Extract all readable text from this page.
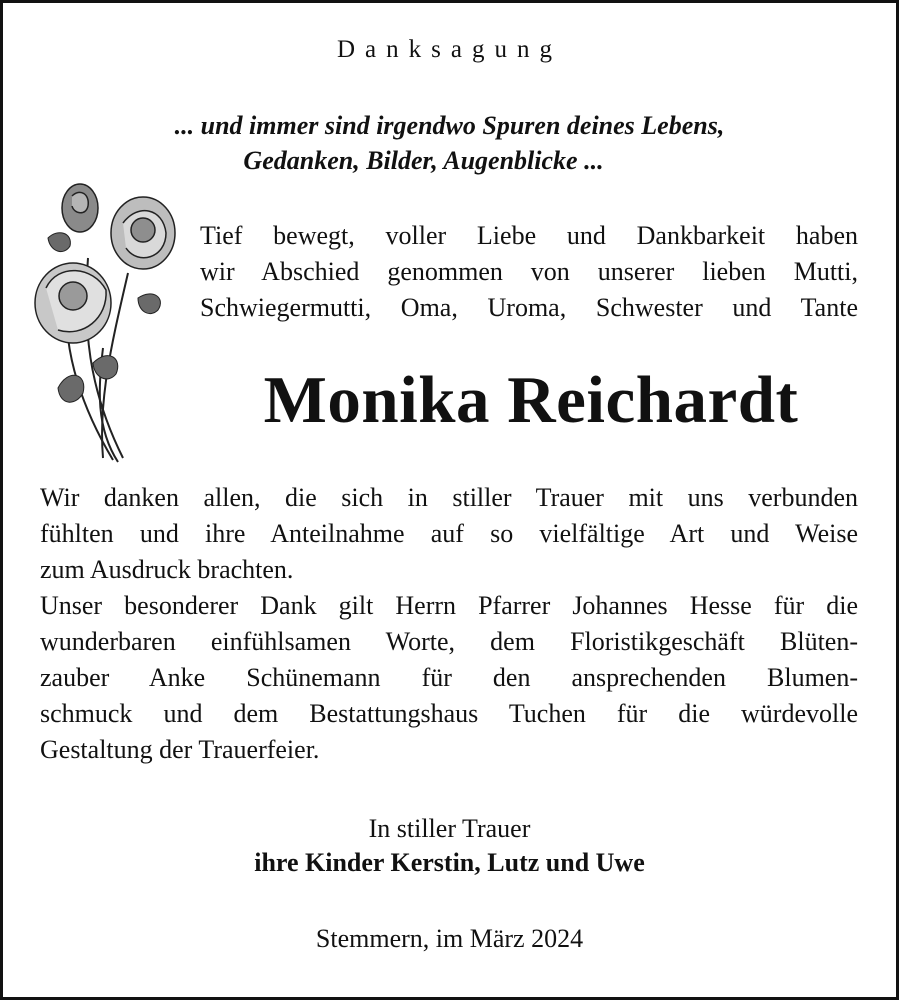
Danksagung
... und immer sind irgendwo Spuren deines Lebens,
Gedanken, Bilder, Augenblicke ...
Tief bewegt, voller Liebe und Dankbarkeit haben
wir Abschied genommen von unserer lieben Mutti,
Schwiegermutti, Oma, Uroma, Schwester und Tante
Monika Reichardt
Wir danken allen, die sich in stiller Trauer mit uns verbunden
fühlten und ihre Anteilnahme auf so vielfältige Art und Weise
zum Ausdruck brachten.
Unser besonderer Dank gilt Herrn Pfarrer Johannes Hesse für die
wunderbaren einfühlsamen Worte, dem Floristikgeschäft Blüten-
zauber Anke Schünemann für den ansprechenden Blumen-
schmuck und dem Bestattungshaus Tuchen für die würdevolle
Gestaltung der Trauerfeier.
In stiller Trauer
ihre Kinder Kerstin, Lutz und Uwe
Stemmern, im März 2024
